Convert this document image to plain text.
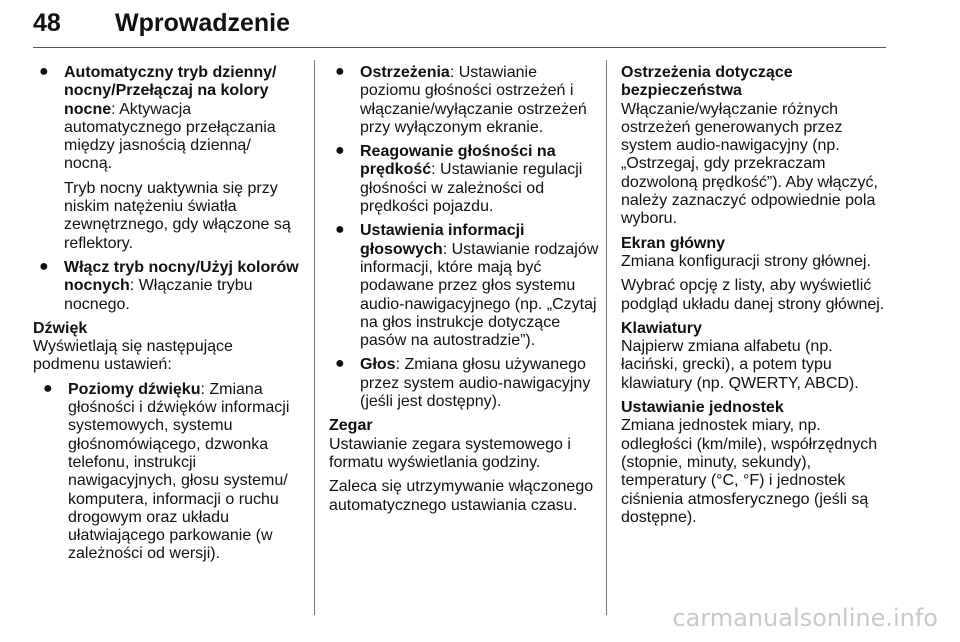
48 Wprowadzenie
● Automatyczny tryb dzienny/ nocny/Przełączaj na kolory nocne: Aktywacja automatycznego przełączania między jasnością dzienną/ nocną.
Tryb nocny uaktywnia się przy niskim natężeniu światła zewnętrznego, gdy włączone są reflektory.
● Włącz tryb nocny/Użyj kolorów nocnych: Włączanie trybu nocnego.
Dźwięk
Wyświetlają się następujące podmenu ustawień:
● Poziomy dźwięku: Zmiana głośności i dźwięków informacji systemowych, systemu głośnomówiącego, dzwonka telefonu, instrukcji nawigacyjnych, głosu systemu/ komputera, informacji o ruchu drogowym oraz układu ułatwiającego parkowanie (w zależności od wersji).
● Ostrzeżenia: Ustawianie poziomu głośności ostrzeżeń i włączanie/wyłączanie ostrzeżeń przy wyłączonym ekranie.
● Reagowanie głośności na prędkość: Ustawianie regulacji głośności w zależności od prędkości pojazdu.
● Ustawienia informacji głosowych: Ustawianie rodzajów informacji, które mają być podawane przez głos systemu audio-nawigacyjnego (np. „Czytaj na głos instrukcje dotyczące pasów na autostradzie”).
● Głos: Zmiana głosu używanego przez system audio-nawigacyjny (jeśli jest dostępny).
Zegar
Ustawianie zegara systemowego i formatu wyświetlania godziny.
Zaleca się utrzymywanie włączonego automatycznego ustawiania czasu.
Ostrzeżenia dotyczące bezpieczeństwa
Włączanie/wyłączanie różnych ostrzeżeń generowanych przez system audio-nawigacyjny (np. „Ostrzegaj, gdy przekraczam dozwoloną prędkość”). Aby włączyć, należy zaznaczyć odpowiednie pola wyboru.
Ekran główny
Zmiana konfiguracji strony głównej.
Wybrać opcję z listy, aby wyświetlić podgląd układu danej strony głównej.
Klawiatury
Najpierw zmiana alfabetu (np. łaciński, grecki), a potem typu klawiatury (np. QWERTY, ABCD).
Ustawianie jednostek
Zmiana jednostek miary, np. odległości (km/mile), współrzędnych (stopnie, minuty, sekundy), temperatury (°C, °F) i jednostek ciśnienia atmosferycznego (jeśli są dostępne).
carmanualsonline.info
